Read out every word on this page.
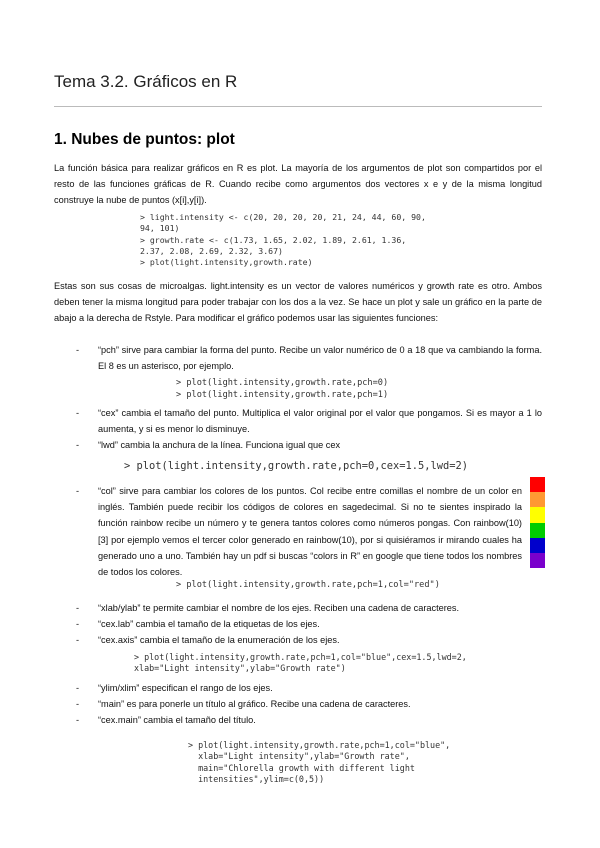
Tema 3.2. Gráficos en R
1. Nubes de puntos: plot
La función básica para realizar gráficos en R es plot. La mayoría de los argumentos de plot son compartidos por el resto de las funciones gráficas de R. Cuando recibe como argumentos dos vectores x e y de la misma longitud construye la nube de puntos (x[i],y[i]).
> light.intensity <- c(20, 20, 20, 20, 21, 24, 44, 60, 90,
94, 101)
> growth.rate <- c(1.73, 1.65, 2.02, 1.89, 2.61, 1.36,
2.37, 2.08, 2.69, 2.32, 3.67)
> plot(light.intensity,growth.rate)
Estas son sus cosas de microalgas. light.intensity es un vector de valores numéricos y growth rate es otro. Ambos deben tener la misma longitud para poder trabajar con los dos a la vez. Se hace un plot y sale un gráfico en la parte de abajo a la derecha de Rstyle. Para modificar el gráfico podemos usar las siguientes funciones:
- “pch” sirve para cambiar la forma del punto. Recibe un valor numérico de 0 a 18 que va cambiando la forma. El 8 es un asterisco, por ejemplo.
> plot(light.intensity,growth.rate,pch=0)
> plot(light.intensity,growth.rate,pch=1)
- “cex” cambia el tamaño del punto. Multiplica el valor original por el valor que pongamos. Si es mayor a 1 lo aumenta, y si es menor lo disminuye.
- “lwd” cambia la anchura de la línea. Funciona igual que cex
> plot(light.intensity,growth.rate,pch=0,cex=1.5,lwd=2)
- “col” sirve para cambiar los colores de los puntos. Col recibe entre comillas el nombre de un color en inglés. También puede recibir los códigos de colores en sagedecimal. Si no te sientes inspirado la función rainbow recibe un número y te genera tantos colores como números pongas. Con rainbow(10)[3] por ejemplo vemos el tercer color generado en rainbow(10), por si quisiéramos ir mirando cuales ha generado uno a uno. También hay un pdf si buscas “colors in R” en google que tiene todos los nombres de todos los colores.
> plot(light.intensity,growth.rate,pch=1,col="red")
- “xlab/ylab” te permite cambiar el nombre de los ejes. Reciben una cadena de caracteres.
- “cex.lab” cambia el tamaño de la etiquetas de los ejes.
- “cex.axis” cambia el tamaño de la enumeración de los ejes.
> plot(light.intensity,growth.rate,pch=1,col="blue",cex=1.5,lwd=2,
xlab="Light intensity",ylab="Growth rate")
- “ylim/xlim” especifican el rango de los ejes.
- “main” es para ponerle un título al gráfico. Recibe una cadena de caracteres.
- “cex.main” cambia el tamaño del título.
> plot(light.intensity,growth.rate,pch=1,col="blue",
xlab="Light intensity",ylab="Growth rate",
main="Chlorella growth with different light
intensities",ylim=c(0,5))
